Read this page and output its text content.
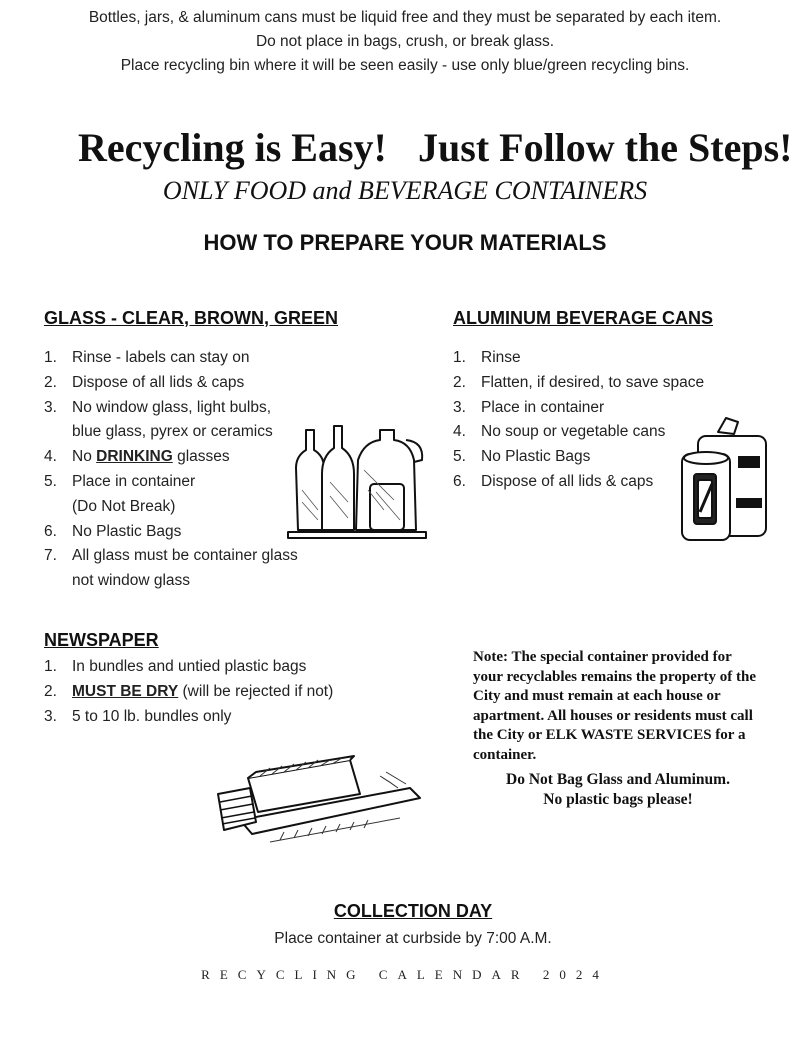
Bottles, jars, & aluminum cans must be liquid free and they must be separated by each item.
Do not place in bags, crush, or break glass.
Place recycling bin where it will be seen easily - use only blue/green recycling bins.
Recycling is Easy! Just Follow the Steps!
ONLY FOOD and BEVERAGE CONTAINERS
HOW TO PREPARE YOUR MATERIALS
GLASS - CLEAR, BROWN, GREEN
1. Rinse - labels can stay on
2. Dispose of all lids & caps
3. No window glass, light bulbs,
blue glass, pyrex or ceramics
4. No DRINKING glasses
5. Place in container
(Do Not Break)
6. No Plastic Bags
7. All glass must be container glass
not window glass
ALUMINUM BEVERAGE CANS
1. Rinse
2. Flatten, if desired, to save space
3. Place in container
4. No soup or vegetable cans
5. No Plastic Bags
6. Dispose of all lids & caps
NEWSPAPER
1. In bundles and untied plastic bags
2. MUST BE DRY (will be rejected if not)
3. 5 to 10 lb. bundles only
Note: The special container provided for your recyclables remains the property of the City and must remain at each house or apartment. All houses or residents must call the City or ELK WASTE SERVICES for a container.
Do Not Bag Glass and Aluminum.
No plastic bags please!
COLLECTION DAY
Place container at curbside by 7:00 A.M.
RECYCLING CALENDAR 2024
